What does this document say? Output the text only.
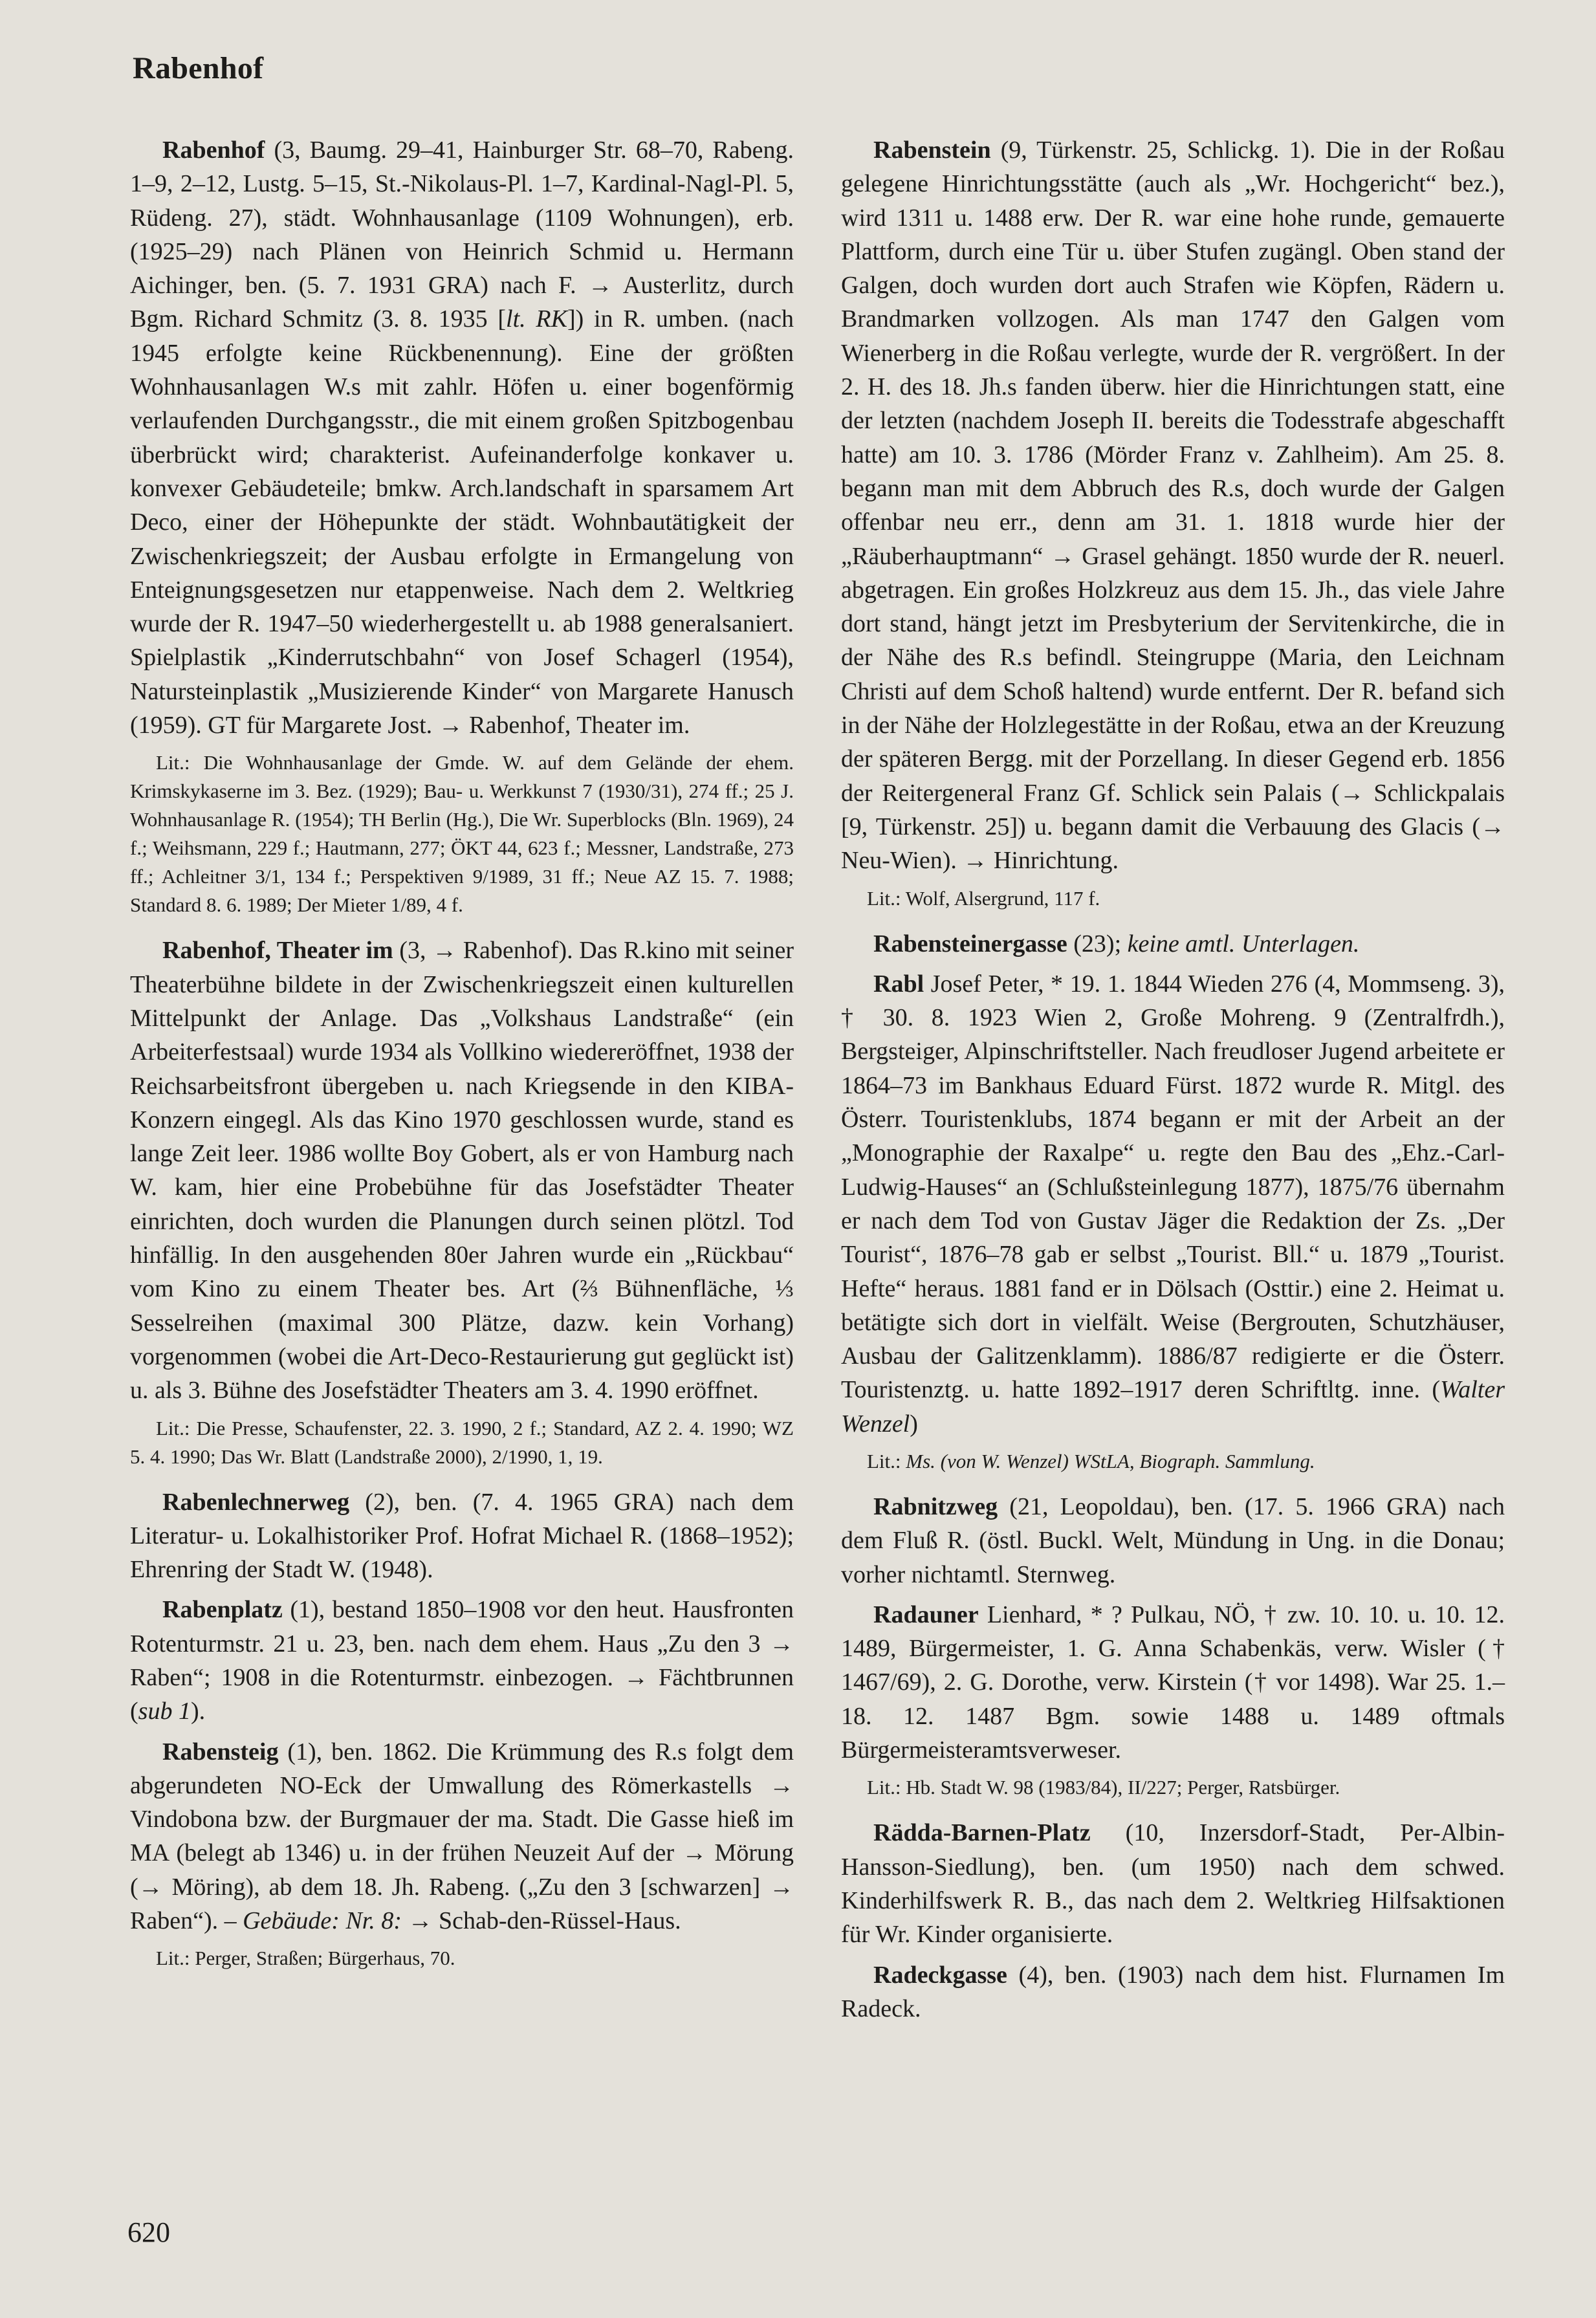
Rabenhof

Rabenhof (3, Baumg. 29–41, Hainburger Str. 68–70, Rabeng. 1–9, 2–12, Lustg. 5–15, St.-Nikolaus-Pl. 1–7, Kardinal-Nagl-Pl. 5, Rüdeng. 27), städt. Wohnhausanlage (1109 Wohnungen), erb. (1925–29) nach Plänen von Heinrich Schmid u. Hermann Aichinger, ben. (5. 7. 1931 GRA) nach F. → Austerlitz, durch Bgm. Richard Schmitz (3. 8. 1935 [lt. RK]) in R. umben. (nach 1945 erfolgte keine Rückbenennung). Eine der größten Wohnhausanlagen W.s mit zahlr. Höfen u. einer bogenförmig verlaufenden Durchgangsstr., die mit einem großen Spitzbogenbau überbrückt wird; charakterist. Aufeinanderfolge konkaver u. konvexer Gebäudeteile; bmkw. Arch.landschaft in sparsamem Art Deco, einer der Höhepunkte der städt. Wohnbautätigkeit der Zwischenkriegszeit; der Ausbau erfolgte in Ermangelung von Enteignungsgesetzen nur etappenweise. Nach dem 2. Weltkrieg wurde der R. 1947–50 wiederhergestellt u. ab 1988 generalsaniert. Spielplastik „Kinderrutschbahn“ von Josef Schagerl (1954), Natursteinplastik „Musizierende Kinder“ von Margarete Hanusch (1959). GT für Margarete Jost. → Rabenhof, Theater im.

Lit.: Die Wohnhausanlage der Gmde. W. auf dem Gelände der ehem. Krimskykaserne im 3. Bez. (1929); Bau- u. Werkkunst 7 (1930/31), 274 ff.; 25 J. Wohnhausanlage R. (1954); TH Berlin (Hg.), Die Wr. Superblocks (Bln. 1969), 24 f.; Weihsmann, 229 f.; Hautmann, 277; ÖKT 44, 623 f.; Messner, Landstraße, 273 ff.; Achleitner 3/1, 134 f.; Perspektiven 9/1989, 31 ff.; Neue AZ 15. 7. 1988; Standard 8. 6. 1989; Der Mieter 1/89, 4 f.

Rabenhof, Theater im (3, → Rabenhof). Das R.kino mit seiner Theaterbühne bildete in der Zwischenkriegszeit einen kulturellen Mittelpunkt der Anlage. Das „Volkshaus Landstraße“ (ein Arbeiterfestsaal) wurde 1934 als Vollkino wiedereröffnet, 1938 der Reichsarbeitsfront übergeben u. nach Kriegsende in den KIBA-Konzern eingegl. Als das Kino 1970 geschlossen wurde, stand es lange Zeit leer. 1986 wollte Boy Gobert, als er von Hamburg nach W. kam, hier eine Probebühne für das Josefstädter Theater einrichten, doch wurden die Planungen durch seinen plötzl. Tod hinfällig. In den ausgehenden 80er Jahren wurde ein „Rückbau“ vom Kino zu einem Theater bes. Art (⅔ Bühnenfläche, ⅓ Sesselreihen (maximal 300 Plätze, dazw. kein Vorhang) vorgenommen (wobei die Art-Deco-Restaurierung gut geglückt ist) u. als 3. Bühne des Josefstädter Theaters am 3. 4. 1990 eröffnet.

Lit.: Die Presse, Schaufenster, 22. 3. 1990, 2 f.; Standard, AZ 2. 4. 1990; WZ 5. 4. 1990; Das Wr. Blatt (Landstraße 2000), 2/1990, 1, 19.

Rabenlechnerweg (2), ben. (7. 4. 1965 GRA) nach dem Literatur- u. Lokalhistoriker Prof. Hofrat Michael R. (1868–1952); Ehrenring der Stadt W. (1948).

Rabenplatz (1), bestand 1850–1908 vor den heut. Hausfronten Rotenturmstr. 21 u. 23, ben. nach dem ehem. Haus „Zu den 3 → Raben“; 1908 in die Rotenturmstr. einbezogen. → Fächtbrunnen (sub 1).

Rabensteig (1), ben. 1862. Die Krümmung des R.s folgt dem abgerundeten NO-Eck der Umwallung des Römerkastells → Vindobona bzw. der Burgmauer der ma. Stadt. Die Gasse hieß im MA (belegt ab 1346) u. in der frühen Neuzeit Auf der → Mörung (→ Möring), ab dem 18. Jh. Rabeng. („Zu den 3 [schwarzen] → Raben“). – Gebäude: Nr. 8: → Schab-den-Rüssel-Haus.

Lit.: Perger, Straßen; Bürgerhaus, 70.

Rabenstein (9, Türkenstr. 25, Schlickg. 1). Die in der Roßau gelegene Hinrichtungsstätte (auch als „Wr. Hochgericht“ bez.), wird 1311 u. 1488 erw. Der R. war eine hohe runde, gemauerte Plattform, durch eine Tür u. über Stufen zugängl. Oben stand der Galgen, doch wurden dort auch Strafen wie Köpfen, Rädern u. Brandmarken vollzogen. Als man 1747 den Galgen vom Wienerberg in die Roßau verlegte, wurde der R. vergrößert. In der 2. H. des 18. Jh.s fanden überw. hier die Hinrichtungen statt, eine der letzten (nachdem Joseph II. bereits die Todesstrafe abgeschafft hatte) am 10. 3. 1786 (Mörder Franz v. Zahlheim). Am 25. 8. begann man mit dem Abbruch des R.s, doch wurde der Galgen offenbar neu err., denn am 31. 1. 1818 wurde hier der „Räuberhauptmann“ → Grasel gehängt. 1850 wurde der R. neuerl. abgetragen. Ein großes Holzkreuz aus dem 15. Jh., das viele Jahre dort stand, hängt jetzt im Presbyterium der Servitenkirche, die in der Nähe des R.s befindl. Steingruppe (Maria, den Leichnam Christi auf dem Schoß haltend) wurde entfernt. Der R. befand sich in der Nähe der Holzlegestätte in der Roßau, etwa an der Kreuzung der späteren Bergg. mit der Porzellang. In dieser Gegend erb. 1856 der Reitergeneral Franz Gf. Schlick sein Palais (→ Schlickpalais [9, Türkenstr. 25]) u. begann damit die Verbauung des Glacis (→ Neu-Wien). → Hinrichtung.

Lit.: Wolf, Alsergrund, 117 f.

Rabensteinergasse (23); keine amtl. Unterlagen.

Rabl Josef Peter, * 19. 1. 1844 Wieden 276 (4, Mommseng. 3), † 30. 8. 1923 Wien 2, Große Mohreng. 9 (Zentralfrdh.), Bergsteiger, Alpinschriftsteller. Nach freudloser Jugend arbeitete er 1864–73 im Bankhaus Eduard Fürst. 1872 wurde R. Mitgl. des Österr. Touristenklubs, 1874 begann er mit der Arbeit an der „Monographie der Raxalpe“ u. regte den Bau des „Ehz.-Carl-Ludwig-Hauses“ an (Schlußsteinlegung 1877), 1875/76 übernahm er nach dem Tod von Gustav Jäger die Redaktion der Zs. „Der Tourist“, 1876–78 gab er selbst „Tourist. Bll.“ u. 1879 „Tourist. Hefte“ heraus. 1881 fand er in Dölsach (Osttir.) eine 2. Heimat u. betätigte sich dort in vielfält. Weise (Bergrouten, Schutzhäuser, Ausbau der Galitzenklamm). 1886/87 redigierte er die Österr. Touristenztg. u. hatte 1892–1917 deren Schriftltg. inne. (Walter Wenzel)

Lit.: Ms. (von W. Wenzel) WStLA, Biograph. Sammlung.

Rabnitzweg (21, Leopoldau), ben. (17. 5. 1966 GRA) nach dem Fluß R. (östl. Buckl. Welt, Mündung in Ung. in die Donau; vorher nichtamtl. Sternweg.

Radauner Lienhard, * ? Pulkau, NÖ, † zw. 10. 10. u. 10. 12. 1489, Bürgermeister, 1. G. Anna Schabenkäs, verw. Wisler († 1467/69), 2. G. Dorothe, verw. Kirstein († vor 1498). War 25. 1.–18. 12. 1487 Bgm. sowie 1488 u. 1489 oftmals Bürgermeisteramtsverweser.

Lit.: Hb. Stadt W. 98 (1983/84), II/227; Perger, Ratsbürger.

Rädda-Barnen-Platz (10, Inzersdorf-Stadt, Per-Albin-Hansson-Siedlung), ben. (um 1950) nach dem schwed. Kinderhilfswerk R. B., das nach dem 2. Weltkrieg Hilfsaktionen für Wr. Kinder organisierte.

Radeckgasse (4), ben. (1903) nach dem hist. Flurnamen Im Radeck.

620
